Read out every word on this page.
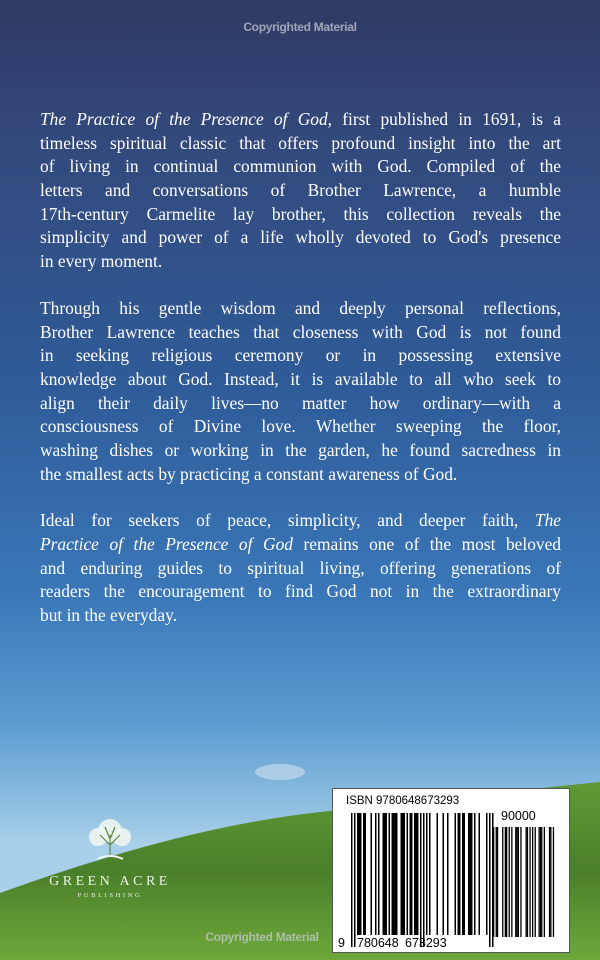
Copyrighted Material
The Practice of the Presence of God, first published in 1691, is a
timeless spiritual classic that offers profound insight into the art
of living in continual communion with God. Compiled of the
letters and conversations of Brother Lawrence, a humble
17th-century Carmelite lay brother, this collection reveals the
simplicity and power of a life wholly devoted to God's presence
in every moment.
Through his gentle wisdom and deeply personal reflections,
Brother Lawrence teaches that closeness with God is not found
in seeking religious ceremony or in possessing extensive
knowledge about God. Instead, it is available to all who seek to
align their daily lives—no matter how ordinary—with a
consciousness of Divine love. Whether sweeping the floor,
washing dishes or working in the garden, he found sacredness in
the smallest acts by practicing a constant awareness of God.
Ideal for seekers of peace, simplicity, and deeper faith, The
Practice of the Presence of God remains one of the most beloved
and enduring guides to spiritual living, offering generations of
readers the encouragement to find God not in the extraordinary
but in the everyday.
GREEN ACRE
PUBLISHING
ISBN 9780648673293
9 780648 673293
90000
Copyrighted Material
